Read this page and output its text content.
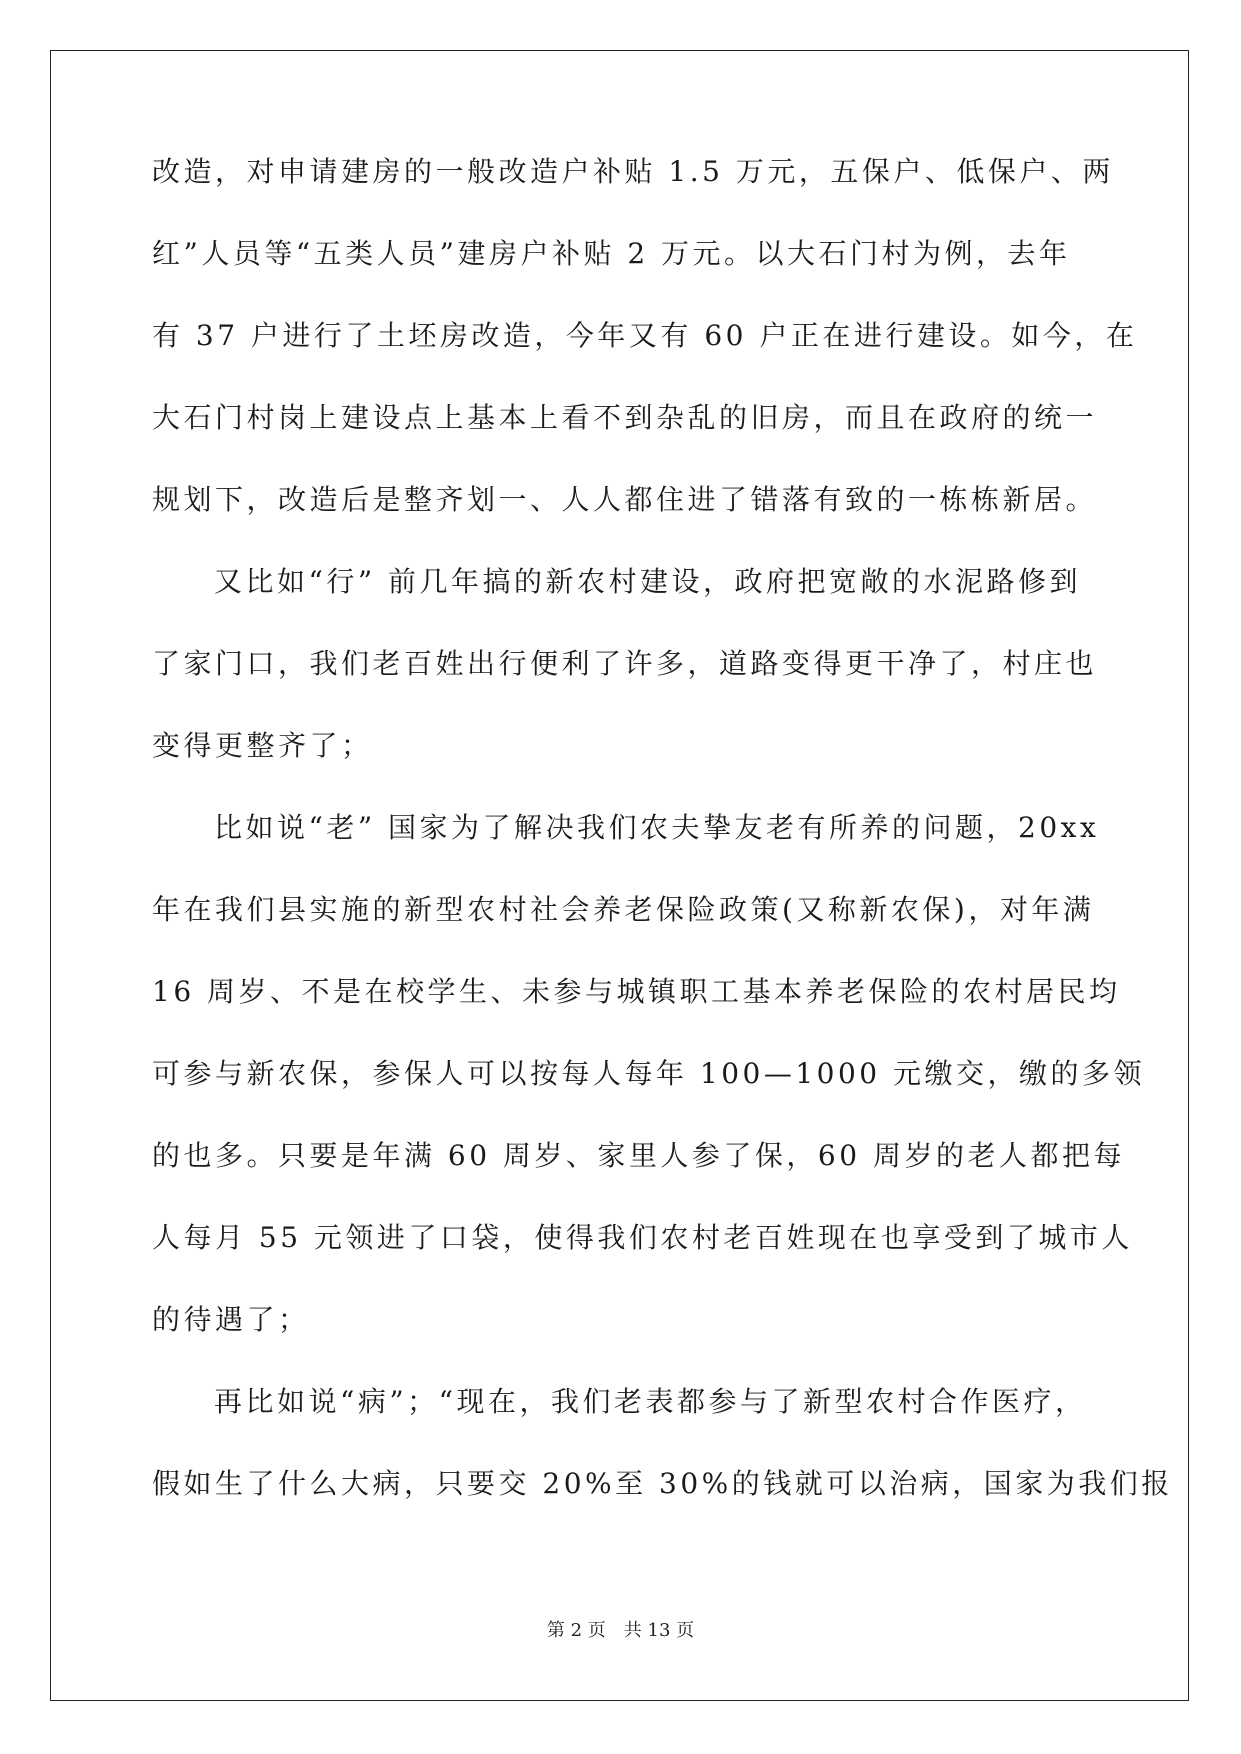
改造，对申请建房的一般改造户补贴 1.5 万元，五保户、低保户、两
红”人员等“五类人员”建房户补贴 2 万元。以大石门村为例，去年
有 37 户进行了土坯房改造，今年又有 60 户正在进行建设。如今，在
大石门村岗上建设点上基本上看不到杂乱的旧房，而且在政府的统一
规划下，改造后是整齐划一、人人都住进了错落有致的一栋栋新居。
又比如“行” 前几年搞的新农村建设，政府把宽敞的水泥路修到
了家门口，我们老百姓出行便利了许多，道路变得更干净了，村庄也
变得更整齐了；
比如说“老” 国家为了解决我们农夫挚友老有所养的问题，20xx
年在我们县实施的新型农村社会养老保险政策(又称新农保)，对年满
16 周岁、不是在校学生、未参与城镇职工基本养老保险的农村居民均
可参与新农保，参保人可以按每人每年 100—1000 元缴交，缴的多领
的也多。只要是年满 60 周岁、家里人参了保，60 周岁的老人都把每
人每月 55 元领进了口袋，使得我们农村老百姓现在也享受到了城市人
的待遇了；
再比如说“病”；“现在，我们老表都参与了新型农村合作医疗，
假如生了什么大病，只要交 20%至 30%的钱就可以治病，国家为我们报
第 2 页 共 13 页
